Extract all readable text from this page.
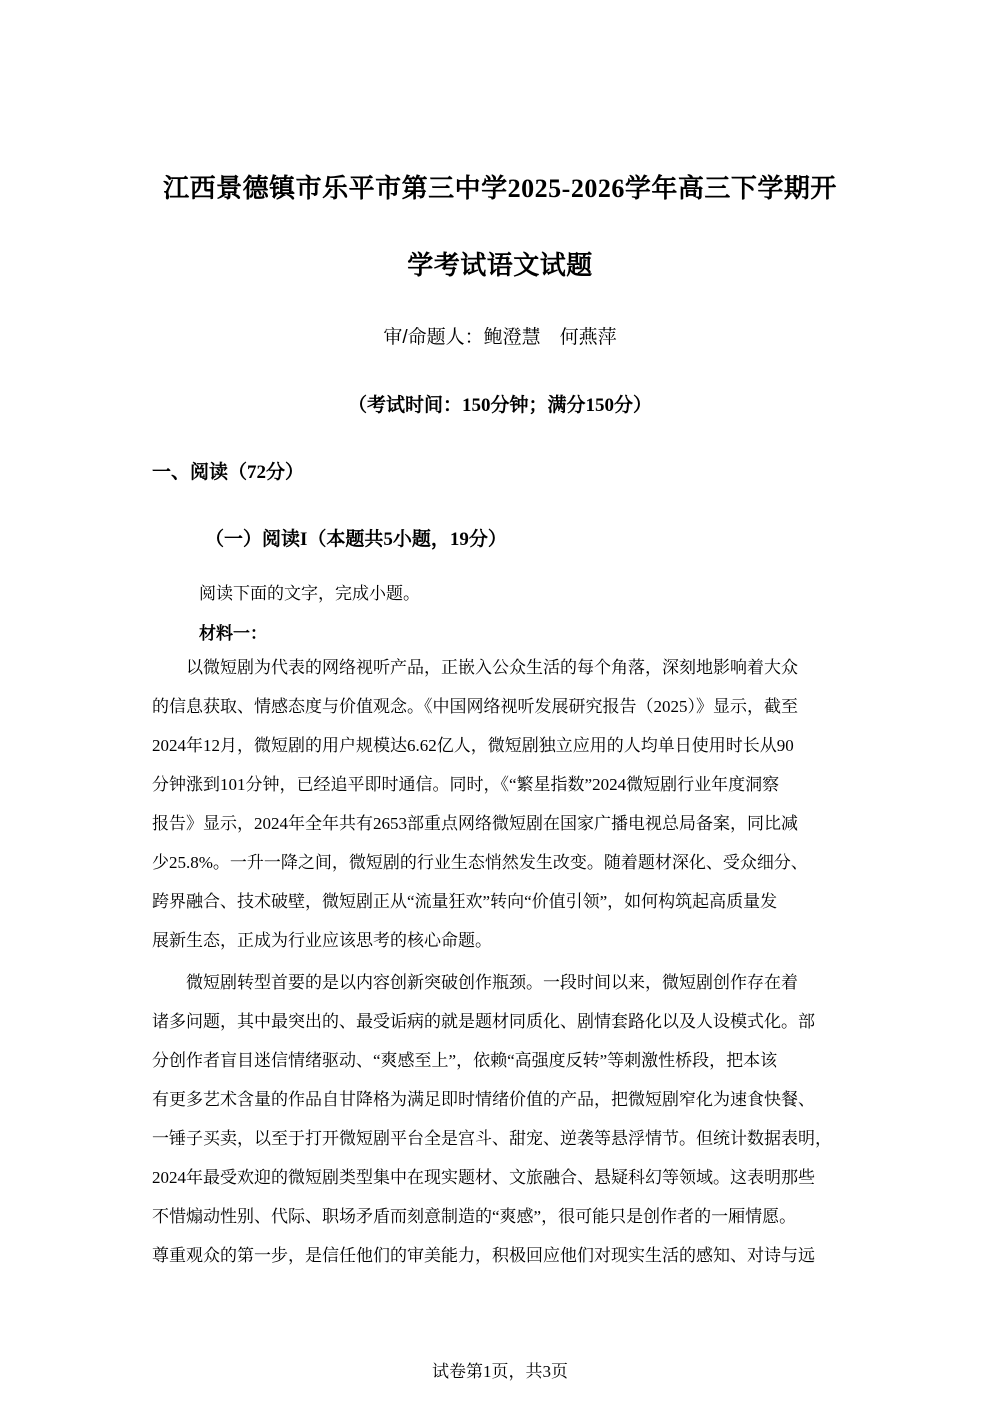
江西景德镇市乐平市第三中学2025-2026学年高三下学期开
学考试语文试题
审/命题人：鲍澄慧　何燕萍
（考试时间：150分钟；满分150分）
一、阅读（72分）
（一）阅读I（本题共5小题，19分）
阅读下面的文字，完成小题。
材料一：
　　以微短剧为代表的网络视听产品，正嵌入公众生活的每个角落，深刻地影响着大众
的信息获取、情感态度与价值观念。《中国网络视听发展研究报告（2025）》显示，截至
2024年12月，微短剧的用户规模达6.62亿人，微短剧独立应用的人均单日使用时长从90
分钟涨到101分钟，已经追平即时通信。同时，《“繁星指数”2024微短剧行业年度洞察
报告》显示，2024年全年共有2653部重点网络微短剧在国家广播电视总局备案，同比减
少25.8%。一升一降之间，微短剧的行业生态悄然发生改变。随着题材深化、受众细分、
跨界融合、技术破壁，微短剧正从“流量狂欢”转向“价值引领”，如何构筑起高质量发
展新生态，正成为行业应该思考的核心命题。
　　微短剧转型首要的是以内容创新突破创作瓶颈。一段时间以来，微短剧创作存在着
诸多问题，其中最突出的、最受诟病的就是题材同质化、剧情套路化以及人设模式化。部
分创作者盲目迷信情绪驱动、“爽感至上”，依赖“高强度反转”等刺激性桥段，把本该
有更多艺术含量的作品自甘降格为满足即时情绪价值的产品，把微短剧窄化为速食快餐、
一锤子买卖，以至于打开微短剧平台全是宫斗、甜宠、逆袭等悬浮情节。但统计数据表明，
2024年最受欢迎的微短剧类型集中在现实题材、文旅融合、悬疑科幻等领域。这表明那些
不惜煽动性别、代际、职场矛盾而刻意制造的“爽感”，很可能只是创作者的一厢情愿。
尊重观众的第一步，是信任他们的审美能力，积极回应他们对现实生活的感知、对诗与远
试卷第1页，共3页
